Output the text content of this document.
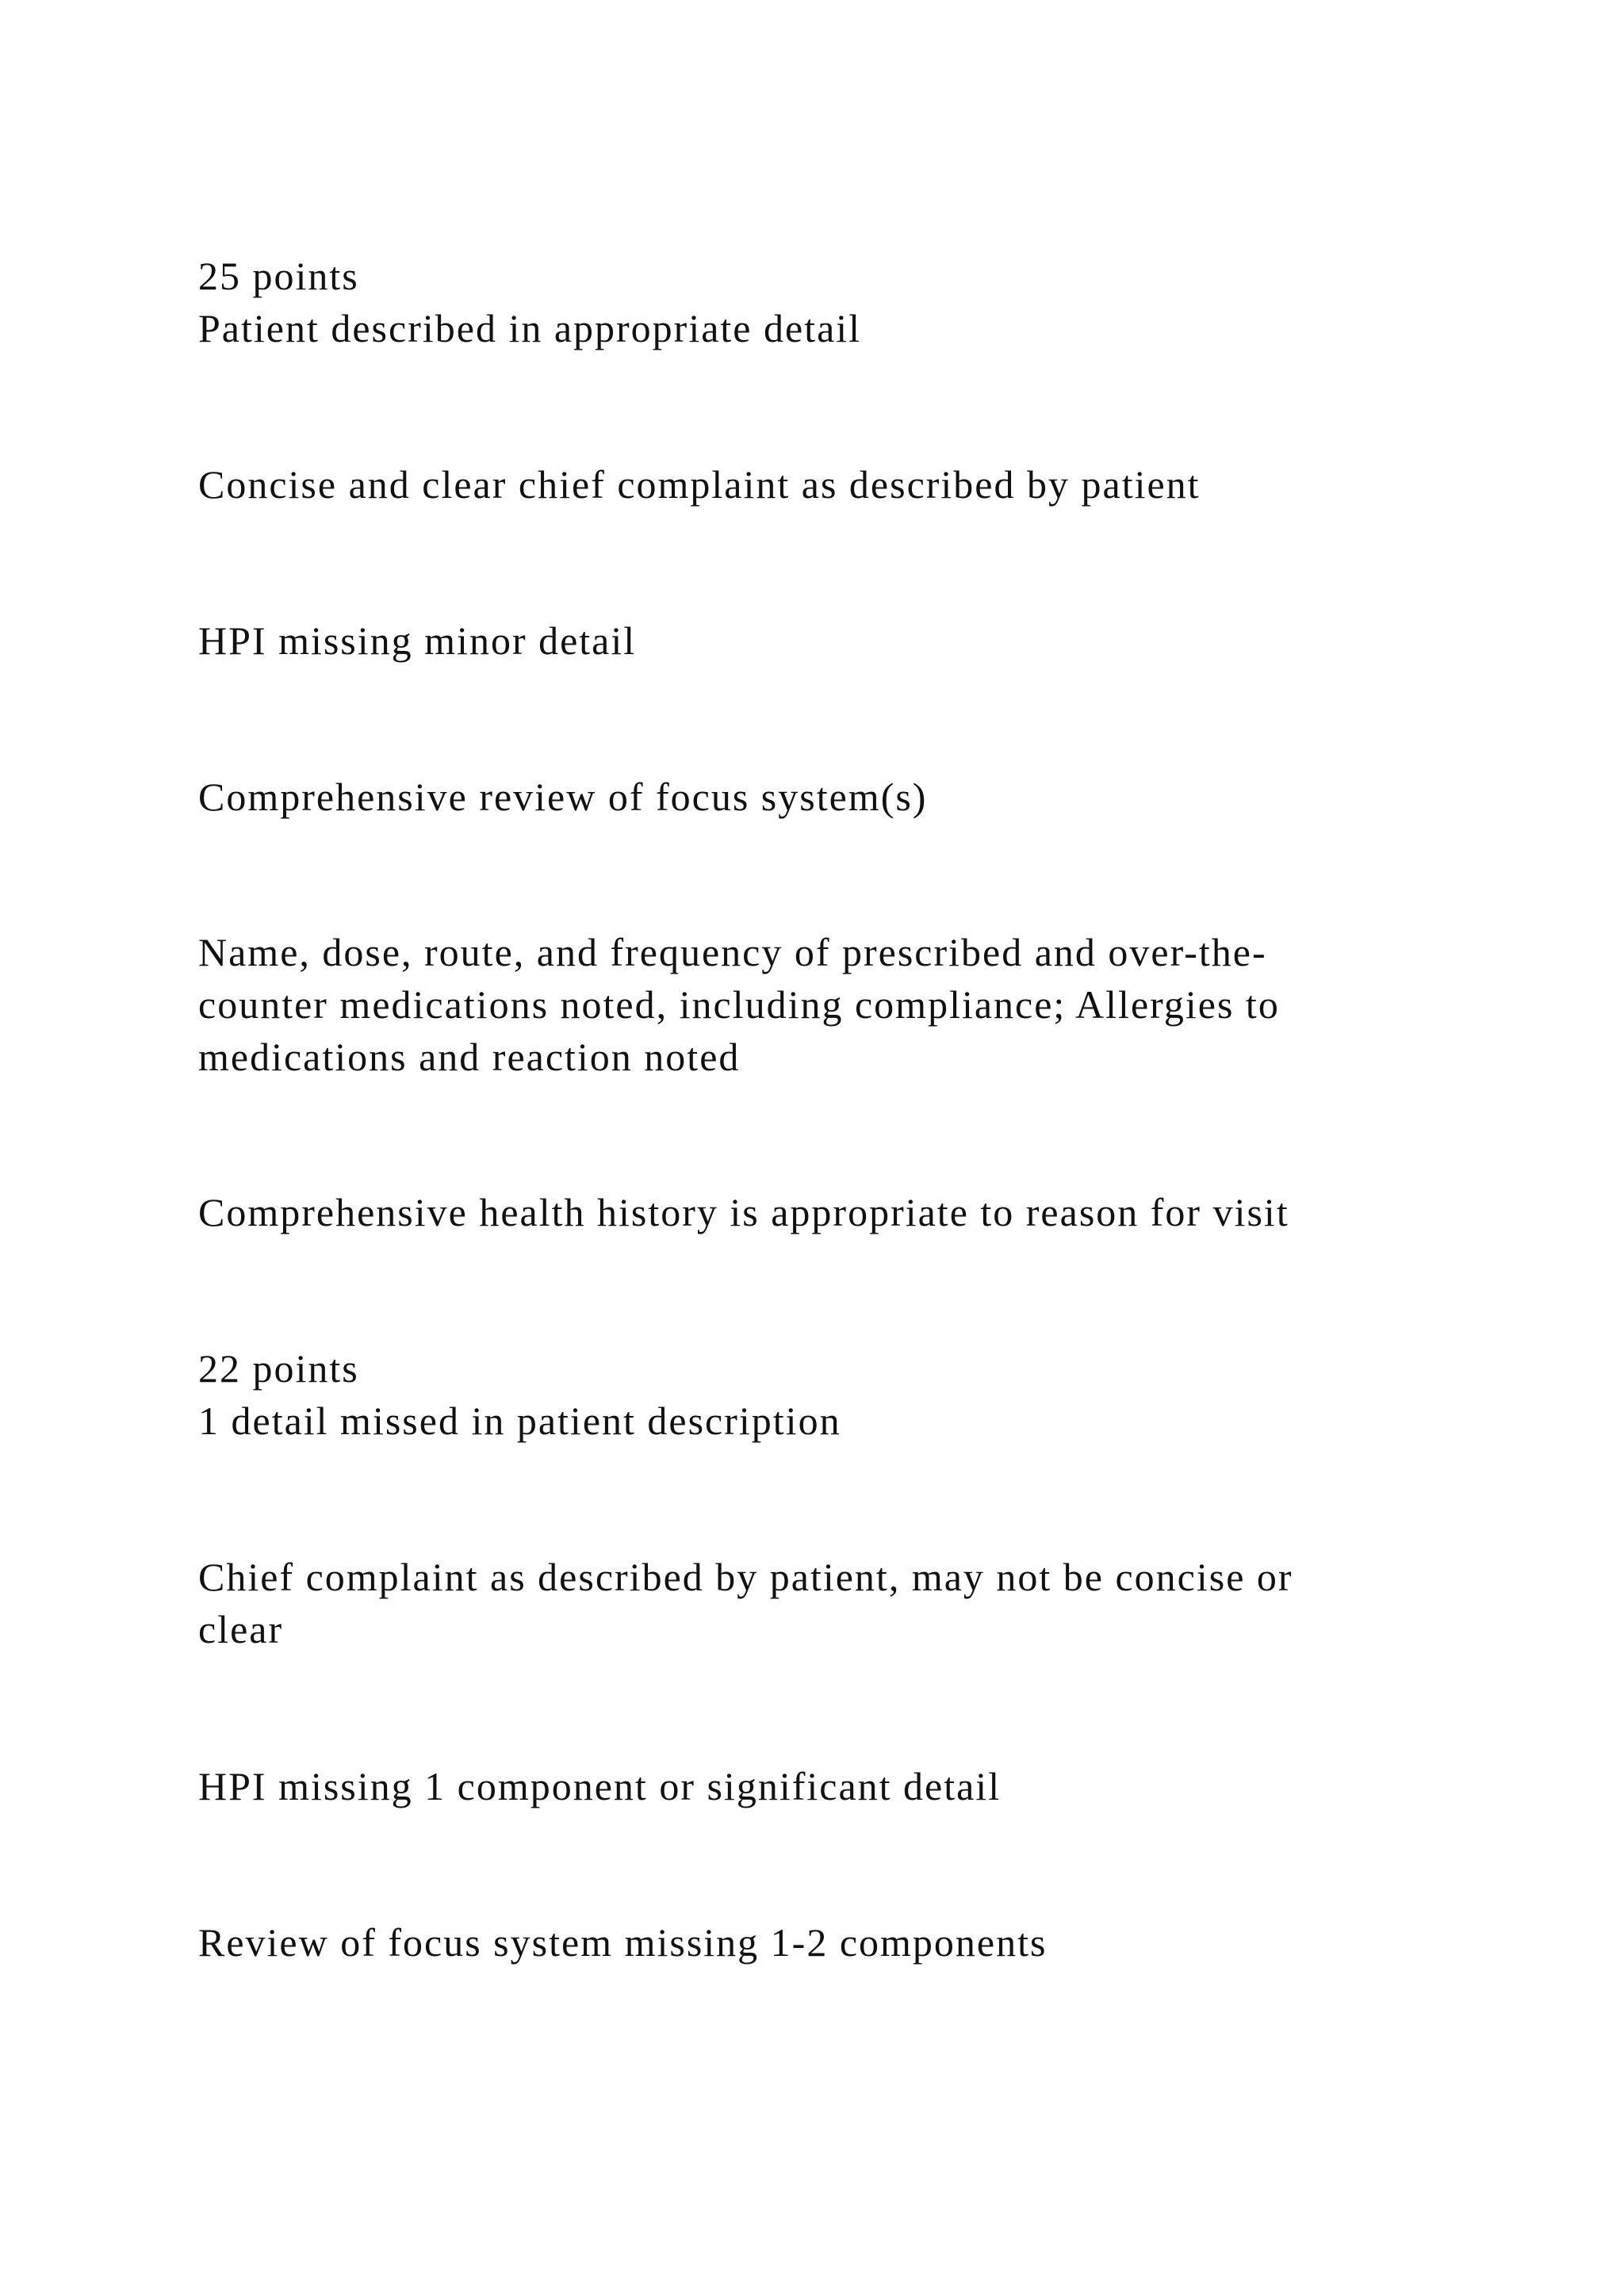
25 points
Patient described in appropriate detail
Concise and clear chief complaint as described by patient
HPI missing minor detail
Comprehensive review of focus system(s)
Name, dose, route, and frequency of prescribed and over-the-
counter medications noted, including compliance; Allergies to
medications and reaction noted
Comprehensive health history is appropriate to reason for visit
22 points
1 detail missed in patient description
Chief complaint as described by patient, may not be concise or
clear
HPI missing 1 component or significant detail
Review of focus system missing 1-2 components
